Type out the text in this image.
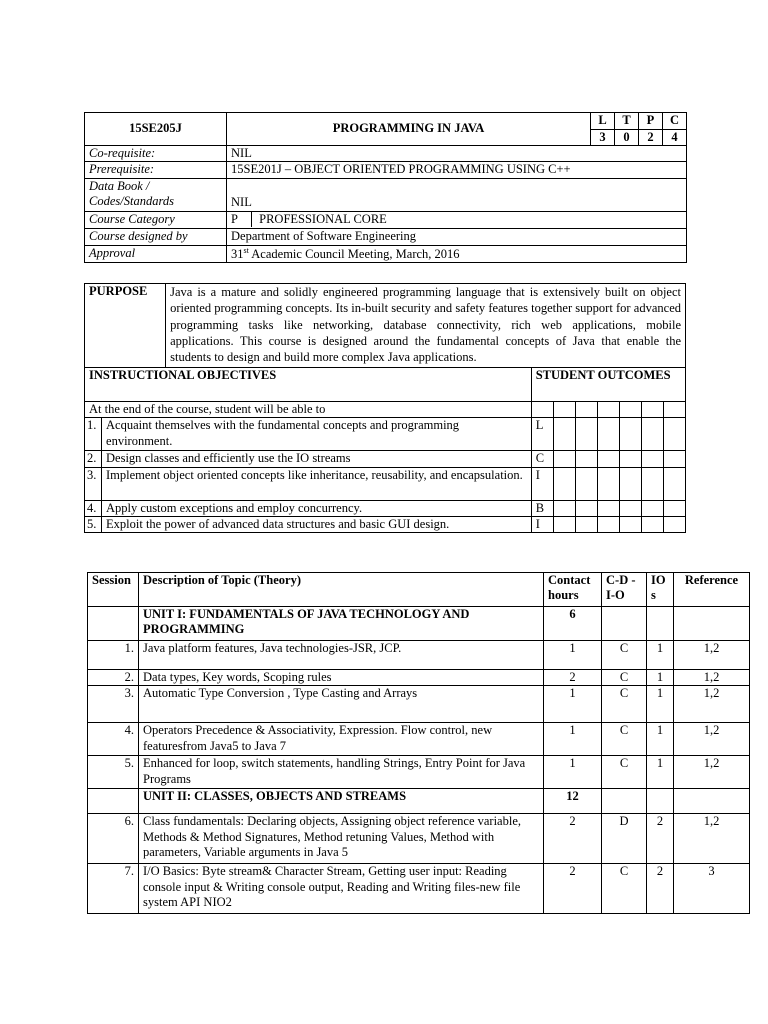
15SE205J	PROGRAMMING IN JAVA	
L	T	P	C
3	0	2	4

Co-requisite:	NIL
Prerequisite:	15SE201J – OBJECT ORIENTED PROGRAMMING USING C++

Data Book /
Codes/Standards	NIL
Course Category	P PROFESSIONAL CORE
Course designed by	Department of Software Engineering
Approval	31st Academic Council Meeting, March, 2016
PURPOSE		Java is a mature and solidly engineered programming language that is extensively built on object oriented programming concepts. Its in-built security and safety features together support for advanced programming tasks like networking, database connectivity, rich web applications, mobile applications. This course is designed around the fundamental concepts of Java that enable the students to design and build more complex Java applications.							
INSTRUCTIONAL OBJECTIVES			STUDENT OUTCOMES						
At the end of the course, student will be able to									
1.	Acquaint themselves with the fundamental concepts and programming environment.		L						
2.	Design classes and efficiently use the IO streams		C						
3.	Implement object oriented concepts like inheritance, reusability, and encapsulation.		I						
4.	Apply custom exceptions and employ concurrency.		B						
5.	Exploit the power of advanced data structures and basic GUI design.		I						
Session	Description of Topic (Theory)	Contact hours	C-D -I-O	IO s	Reference
	UNIT I: FUNDAMENTALS OF JAVA TECHNOLOGY AND PROGRAMMING	6			
1.	Java platform features, Java technologies-JSR, JCP.	1	C	1	1,2
2.	Data types, Key words, Scoping rules	2	C	1	1,2
3.	Automatic Type Conversion , Type Casting and Arrays	1	C	1	1,2
4.	Operators Precedence & Associativity, Expression. Flow control, new featuresfrom Java5 to Java 7	1	C	1	1,2
5.	Enhanced for loop, switch statements, handling Strings, Entry Point for Java Programs	1	C	1	1,2
	UNIT II: CLASSES, OBJECTS AND STREAMS	12			
6.	Class fundamentals: Declaring objects, Assigning object reference variable, Methods & Method Signatures, Method retuning Values, Method with parameters, Variable arguments in Java 5	2	D	2	1,2
7.	I/O Basics: Byte stream& Character Stream, Getting user input: Reading console input & Writing console output, Reading and Writing files-new file system API NIO2	2	C	2	3
